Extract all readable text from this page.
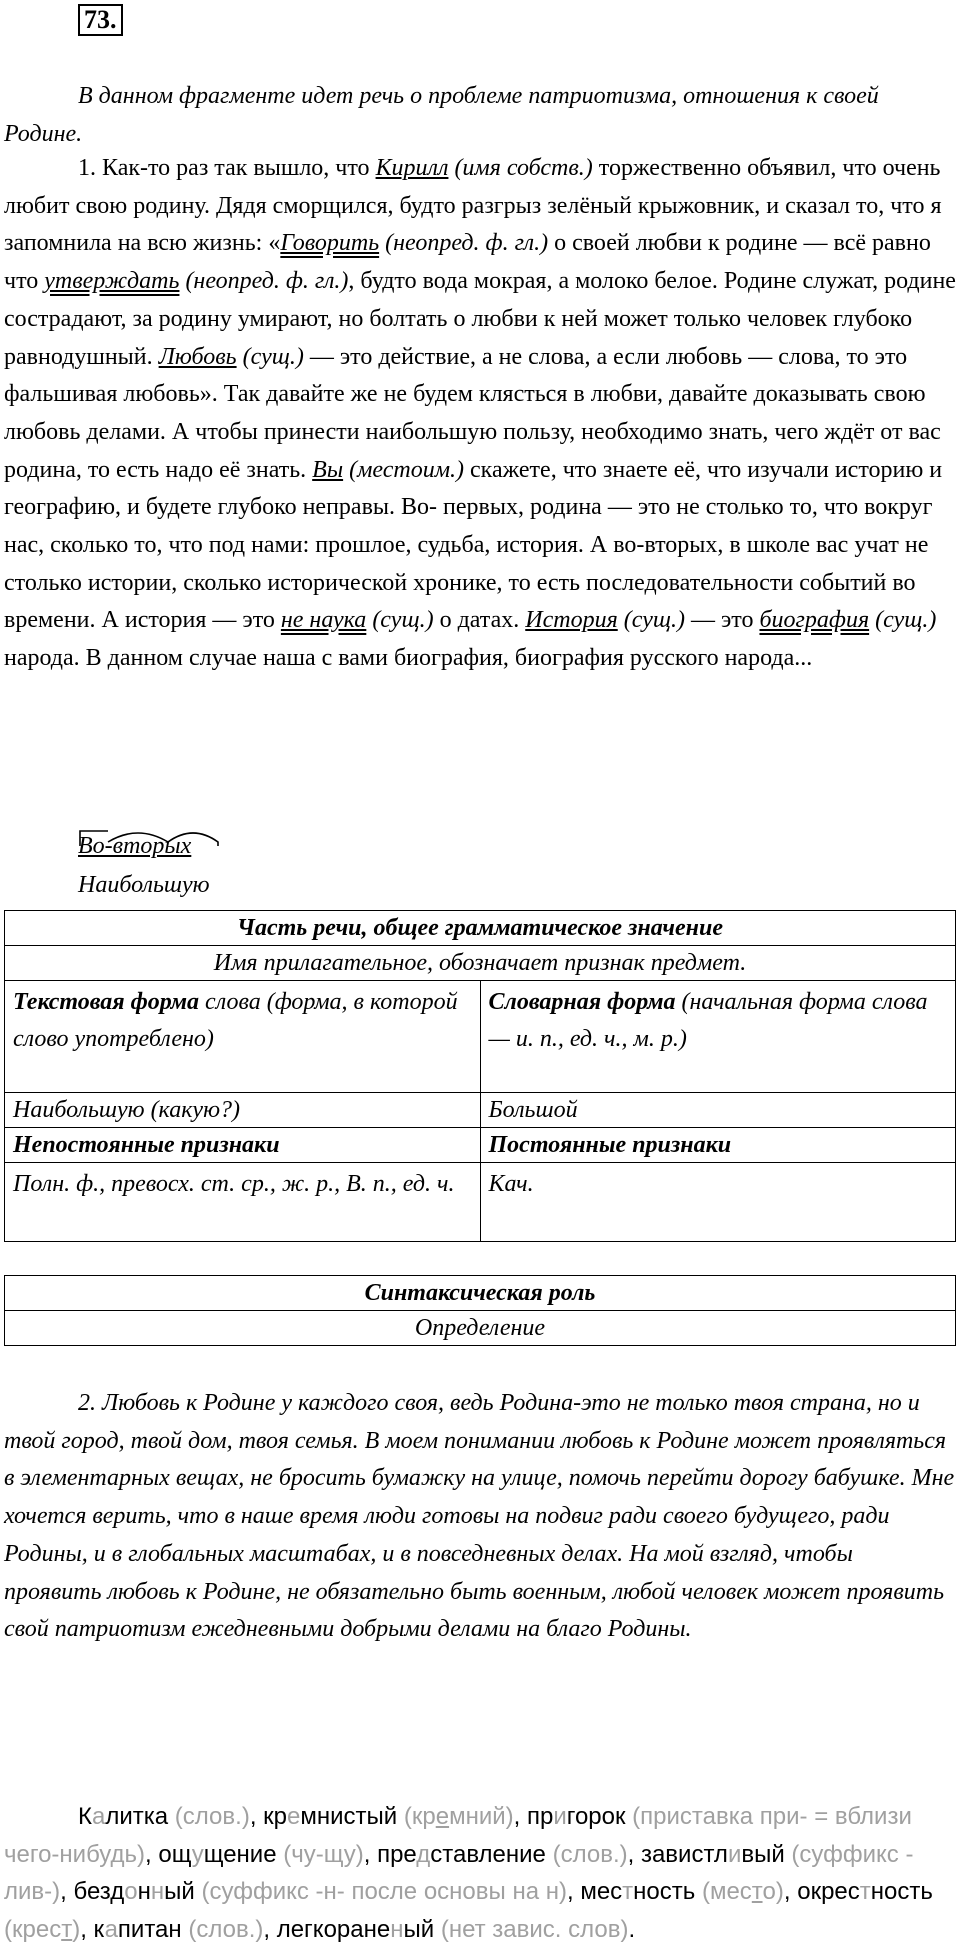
73.
В данном фрагменте идет речь о проблеме патриотизма, отношения к своей Родине.
1. Как-то раз так вышло, что Кирилл (имя собств.) торжественно объявил, что очень любит свою родину. Дядя сморщился, будто разгрыз зелёный крыжовник, и сказал то, что я запомнила на всю жизнь: «Говорить (неопред. ф. гл.) о своей любви к родине — всё равно что утверждать (неопред. ф. гл.), будто вода мокрая, а молоко белое. Родине служат, родине сострадают, за родину умирают, но болтать о любви к ней может только человек глубоко равнодушный. Любовь (сущ.) — это действие, а не слова, а если любовь — слова, то это фальшивая любовь». Так давайте же не будем клясться в любви, давайте доказывать свою любовь делами. А чтобы принести наибольшую пользу, необходимо знать, чего ждёт от вас родина, то есть надо её знать. Вы (местоим.) скажете, что знаете её, что изучали историю и географию, и будете глубоко неправы. Во- первых, родина — это не столько то, что вокруг нас, сколько то, что под нами: прошлое, судьба, история. А во-вторых, в школе вас учат не столько истории, сколько исторической хронике, то есть последовательности событий во времени. А история — это не наука (сущ.) о датах. История (сущ.) — это биография (сущ.) народа. В данном случае наша с вами биография, биография русского народа...
Во-вторых
Наибольшую
Часть речи, общее грамматическое значение	
Имя прилагательное, обозначает признак предмет.	
Текстовая форма слова (форма, в которой слово употреблено)	Словарная форма (начальная форма слова — и. п., ед. ч., м. р.)
Наибольшую (какую?)	Большой
Непостоянные признаки	Постоянные признаки
Полн. ф., превосх. ст. ср., ж. р., В. п., ед. ч.	Кач.
Синтаксическая роль
Определение
2. Любовь к Родине у каждого своя, ведь Родина-это не только твоя страна, но и твой город, твой дом, твоя семья. В моем понимании любовь к Родине может проявляться в элементарных вещах, не бросить бумажку на улице, помочь перейти дорогу бабушке. Мне хочется верить, что в наше время люди готовы на подвиг ради своего будущего, ради Родины, и в глобальных масштабах, и в повседневных делах. На мой взгляд, чтобы проявить любовь к Родине, не обязательно быть военным, любой человек может проявить свой патриотизм ежедневными добрыми делами на благо Родины.
Калитка (слов.), кремнистый (кремний), пригорок (приставка при- = вблизи чего-нибудь), ощущение (чу-щу), представление (слов.), завистливый (суффикс - лив-), бездонный (суффикс -н- после основы на н), местность (место), окрестность (крест), капитан (слов.), легкораненый (нет завис. слов).
